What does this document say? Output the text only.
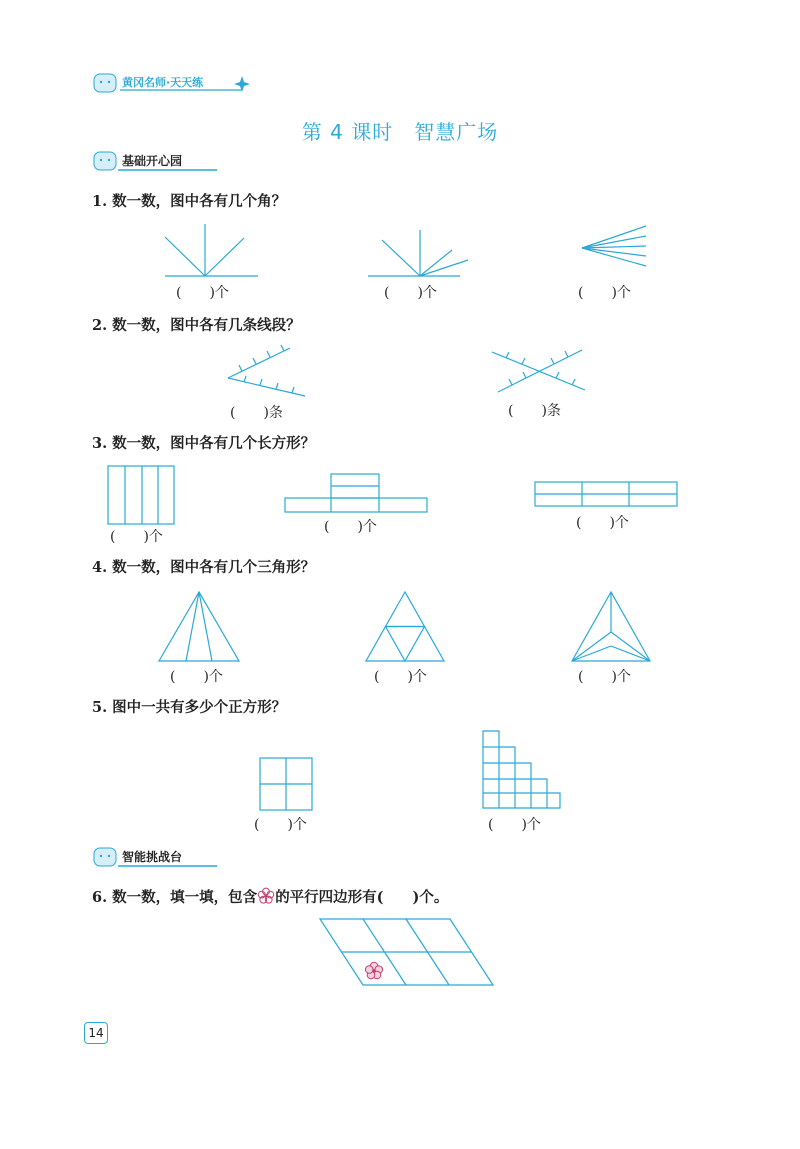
黄冈名师·天天练
第 4 课时　智慧广场
基础开心园
1. 数一数，图中各有几个角？
(　　)个	(　　)个	(　　)个
2. 数一数，图中各有几条线段？
(　　)条	(　　)条
3. 数一数，图中各有几个长方形？
(　　)个
(　　)个	(　　)个
4. 数一数，图中各有几个三角形？
(　　)个	(　　)个	(　　)个
5. 图中一共有多少个正方形？
(　　)个	(　　)个
智能挑战台
6. 数一数，填一填，包含 的平行四边形有(　　)个。
14
